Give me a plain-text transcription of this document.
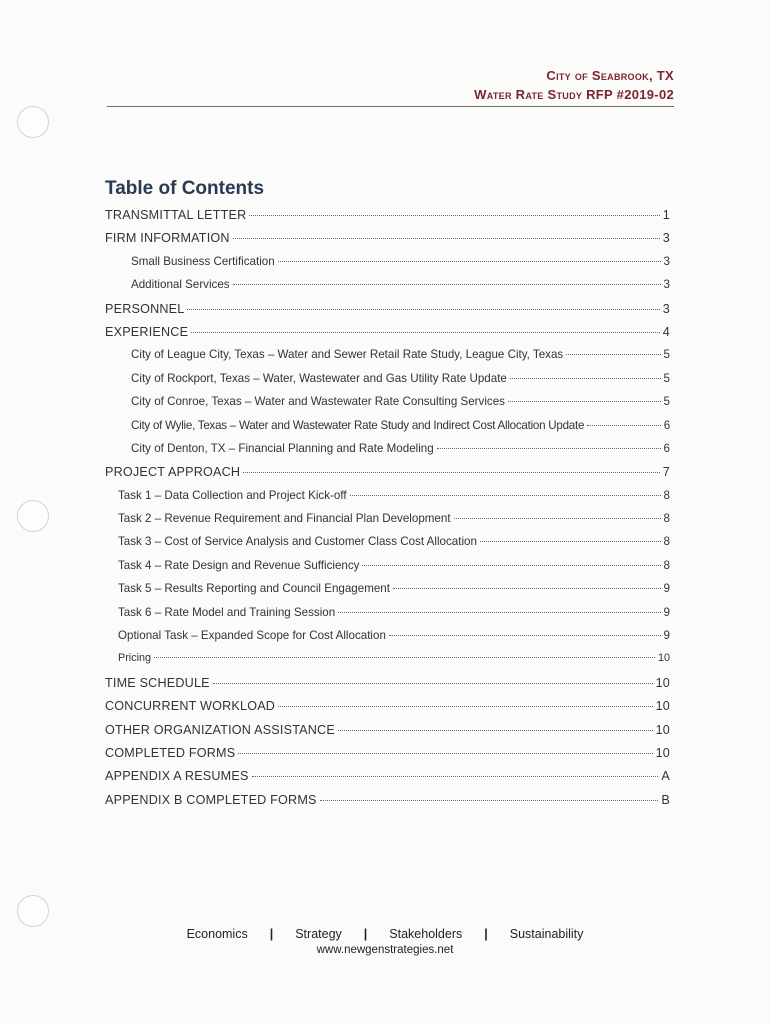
City of Seabrook, TX
Water Rate Study RFP #2019-02
Table of Contents
TRANSMITTAL LETTER	1
FIRM INFORMATION	3
Small Business Certification	3
Additional Services	3
PERSONNEL	3
EXPERIENCE	4
City of League City, Texas – Water and Sewer Retail Rate Study, League City, Texas	5
City of Rockport, Texas – Water, Wastewater and Gas Utility Rate Update	5
City of Conroe, Texas – Water and Wastewater Rate Consulting Services	5
City of Wylie, Texas – Water and Wastewater Rate Study and Indirect Cost Allocation Update	6
City of Denton, TX – Financial Planning and Rate Modeling	6
PROJECT APPROACH	7
Task 1 – Data Collection and Project Kick-off	8
Task 2 – Revenue Requirement and Financial Plan Development	8
Task 3 – Cost of Service Analysis and Customer Class Cost Allocation	8
Task 4 – Rate Design and Revenue Sufficiency	8
Task 5 – Results Reporting and Council Engagement	9
Task 6 – Rate Model and Training Session	9
Optional Task – Expanded Scope for Cost Allocation	9
Pricing	10
TIME SCHEDULE	10
CONCURRENT WORKLOAD	10
OTHER ORGANIZATION ASSISTANCE	10
COMPLETED FORMS	10
APPENDIX A RESUMES	A
APPENDIX B COMPLETED FORMS	B
Economics | Strategy | Stakeholders | Sustainability
www.newgenstrategies.net
